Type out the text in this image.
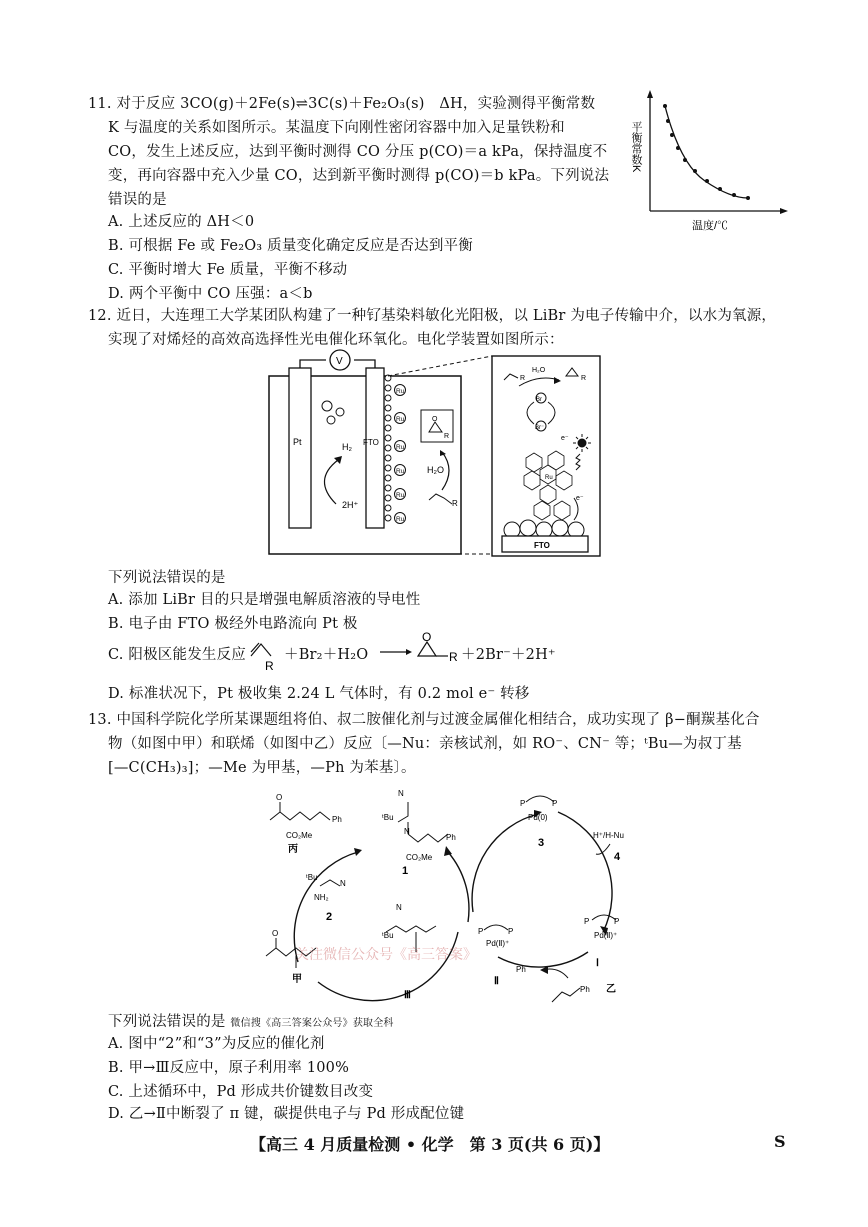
11. 对于反应 3CO(g)＋2Fe(s)⇌3C(s)＋Fe₂O₃(s)　ΔH，实验测得平衡常数
K 与温度的关系如图所示。某温度下向刚性密闭容器中加入足量铁粉和
CO，发生上述反应，达到平衡时测得 CO 分压 p(CO)＝a kPa，保持温度不
变，再向容器中充入少量 CO，达到新平衡时测得 p(CO)＝b kPa。下列说法
错误的是
A. 上述反应的 ΔH＜0
B. 可根据 Fe 或 Fe₂O₃ 质量变化确定反应是否达到平衡
C. 平衡时增大 Fe 质量，平衡不移动
D. 两个平衡中 CO 压强：a＜b
平衡常数K
温度/℃
12. 近日，大连理工大学某团队构建了一种钌基染料敏化光阳极，以 LiBr 为电子传输中介，以水为氧源，
实现了对烯烃的高效高选择性光电催化环氧化。电化学装置如图所示：
Pt	FTO
V
H₂
2H⁺
Ru
Ru
Ru
Ru
Ru
Ru
O
R
H₂O
R
R
H₂O
R
Br
Br⁻
e⁻
Ru
e⁻
FTO
下列说法错误的是
A. 添加 LiBr 目的只是增强电解质溶液的导电性
B. 电子由 FTO 极经外电路流向 Pt 极
C. 阳极区能发生反应
R
＋Br₂＋H₂O
O
R ＋2Br⁻＋2H⁺
D. 标准状况下，Pt 极收集 2.24 L 气体时，有 0.2 mol e⁻ 转移
13. 中国科学院化学所某课题组将伯、叔二胺催化剂与过渡金属催化相结合，成功实现了 β−酮羰基化合
物（如图中甲）和联烯（如图中乙）反应〔—Nu：亲核试剂，如 RO⁻、CN⁻ 等；ᵗBu—为叔丁基
[—C(CH₃)₃]；—Me 为甲基，—Ph 为苯基〕。
O
CO₂Me
Ph
丙
ᵗBu
N
N
Ph
CO₂Me
1
ᵗBu
N
NH₂
2
O
甲
N
ᵗBu
Ⅲ
P	P
Pd(0)
3
H⁺/H-Nu
4
P	P
Pd(Ⅱ)⁺
Ⅰ
P	P
Pd(Ⅱ)⁺
Ph
Ⅱ
Ph 乙
关注微信公众号《高三答案》
下列说法错误的是 微信搜《高三答案公众号》获取全科
A. 图中“2”和“3”为反应的催化剂
B. 甲→Ⅲ反应中，原子利用率 100%
C. 上述循环中，Pd 形成共价键数目改变
D. 乙→Ⅱ中断裂了 π 键，碳提供电子与 Pd 形成配位键
【高三 4 月质量检测 • 化学　第 3 页(共 6 页)】	S
